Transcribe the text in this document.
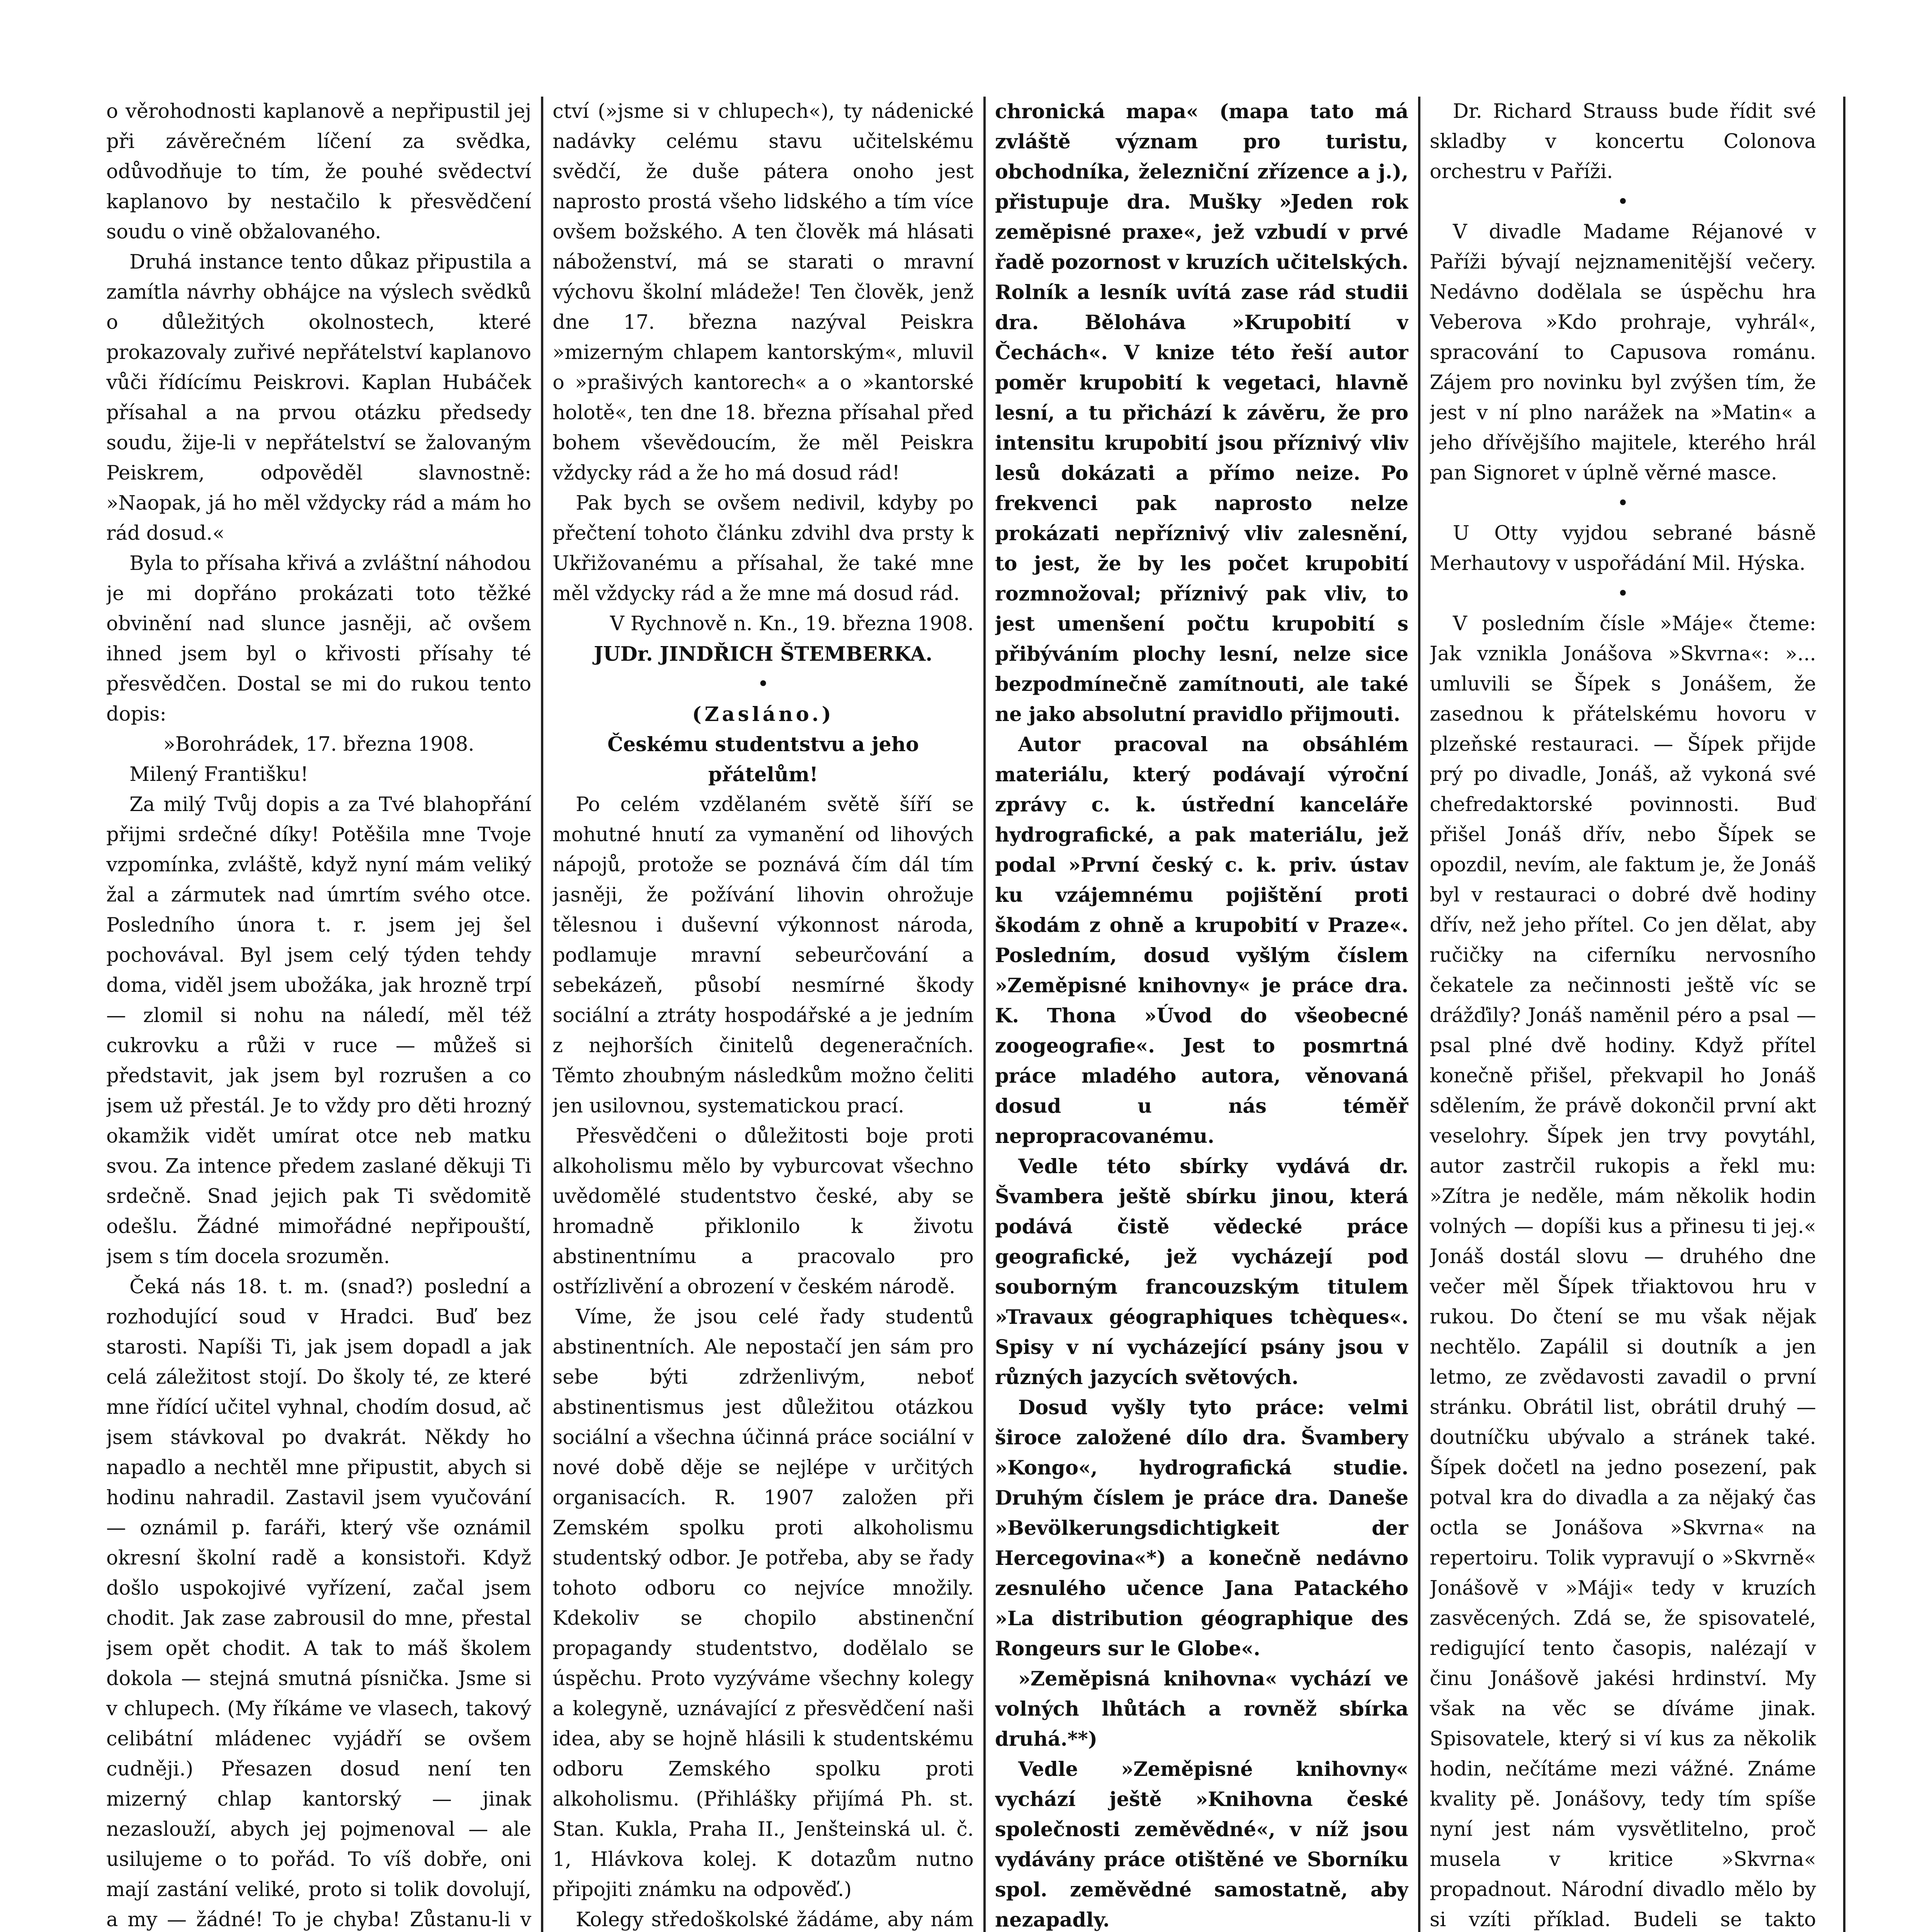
o věrohodnosti kaplanově a nepřipustil jej při závěrečném líčení za svědka, odůvodňuje to tím, že pouhé svědectví kaplanovo by nestačilo k přesvědčení soudu o vině obžalovaného.

Druhá instance tento důkaz připustila a zamítla návrhy obhájce na výslech svědků o důležitých okolnostech, které prokazovaly zuřivé nepřátelství kaplanovo vůči řídícímu Peiskrovi. Kaplan Hubáček přísahal a na prvou otázku předsedy soudu, žije-li v nepřátelství se žalovaným Peiskrem, odpověděl slavnostně: »Naopak, já ho měl vždycky rád a mám ho rád dosud.«

Byla to přísaha křivá a zvláštní náhodou je mi dopřáno prokázati toto těžké obvinění nad slunce jasněji, ač ovšem ihned jsem byl o křivosti přísahy té přesvědčen. Dostal se mi do rukou tento dopis:

»Borohrádek, 17. března 1908.

Milený Františku!

Za milý Tvůj dopis a za Tvé blahopřání přijmi srdečné díky! Potěšila mne Tvoje vzpomínka, zvláště, když nyní mám veliký žal a zármutek nad úmrtím svého otce. Posledního února t. r. jsem jej šel pochovával. Byl jsem celý týden tehdy doma, viděl jsem ubožáka, jak hrozně trpí — zlomil si nohu na náledí, měl též cukrovku a růži v ruce — můžeš si představit, jak jsem byl rozrušen a co jsem už přestál. Je to vždy pro děti hrozný okamžik vidět umírat otce neb matku svou. Za intence předem zaslané děkuji Ti srdečně. Snad jejich pak Ti svědomitě odešlu. Žádné mimořádné nepřipouští, jsem s tím docela srozuměn.

Čeká nás 18. t. m. (snad?) poslední a rozhodující soud v Hradci. Buď bez starosti. Napíši Ti, jak jsem dopadl a jak celá záležitost stojí. Do školy té, ze které mne řídící učitel vyhnal, chodím dosud, ač jsem stávkoval po dvakrát. Někdy ho napadlo a nechtěl mne připustit, abych si hodinu nahradil. Zastavil jsem vyučování — oznámil p. faráři, který vše oznámil okresní školní radě a konsistoři. Když došlo uspokojivé vyřízení, začal jsem chodit. Jak zase zabrousil do mne, přestal jsem opět chodit. A tak to máš školem dokola — stejná smutná písnička. Jsme si v chlupech. (My říkáme ve vlasech, takový celibátní mládenec vyjádří se ovšem cudněji.) Přesazen dosud není ten mizerný chlap kantorský — jinak nezaslouží, abych jej pojmenoval — ale usilujeme o to pořád. To víš dobře, oni mají zastání veliké, proto si tolik dovolují, a my — žádné! To je chyba! Zůstanu-li v

ctví (»jsme si v chlupech«), ty nádenické nadávky celému stavu učitelskému svědčí, že duše pátera onoho jest naprosto prostá všeho lidského a tím více ovšem božského. A ten člověk má hlásati náboženství, má se starati o mravní výchovu školní mládeže! Ten člověk, jenž dne 17. března nazýval Peiskra »mizerným chlapem kantorským«, mluvil o »prašivých kantorech« a o »kantorské holotě«, ten dne 18. března přísahal před bohem vševědoucím, že měl Peiskra vždycky rád a že ho má dosud rád!

Pak bych se ovšem nedivil, kdyby po přečtení tohoto článku zdvihl dva prsty k Ukřižovanému a přísahal, že také mne měl vždycky rád a že mne má dosud rád.

V Rychnově n. Kn., 19. března 1908.

JUDr. JINDŘICH ŠTEMBERKA.

•

(Zasláno.)

Českému studentstvu a jeho přátelům!

Po celém vzdělaném světě šíří se mohutné hnutí za vymanění od lihových nápojů, protože se poznává čím dál tím jasněji, že požívání lihovin ohrožuje tělesnou i duševní výkonnost národa, podlamuje mravní sebeurčování a sebekázeň, působí nesmírné škody sociální a ztráty hospodářské a je jedním z nejhorších činitelů degeneračních. Těmto zhoubným následkům možno čeliti jen usilovnou, systematickou prací.

Přesvědčeni o důležitosti boje proti alkoholismu mělo by vyburcovat všechno uvědomělé studentstvo české, aby se hromadně přiklonilo k životu abstinentnímu a pracovalo pro ostřízlivění a obrození v českém národě.

Víme, že jsou celé řady studentů abstinentních. Ale nepostačí jen sám pro sebe býti zdrženlivým, neboť abstinentismus jest důležitou otázkou sociální a všechna účinná práce sociální v nové době děje se nejlépe v určitých organisacích. R. 1907 založen při Zemském spolku proti alkoholismu studentský odbor. Je potřeba, aby se řady tohoto odboru co nejvíce množily. Kdekoliv se chopilo abstinenční propagandy studentstvo, dodělalo se úspěchu. Proto vyzýváme všechny kolegy a kolegyně, uznávající z přesvědčení naši idea, aby se hojně hlásili k studentskému odboru Zemského spolku proti alkoholismu. (Přihlášky přijímá Ph. st. Stan. Kukla, Praha II., Jenšteinská ul. č. 1, Hlávkova kolej. K dotazům nutno připojiti známku na odpověď.)

Kolegy středoškolské žádáme, aby nám

chronická mapa« (mapa tato má zvláště význam pro turistu, obchodníka, železniční zřízence a j.), přistupuje dra. Mušky »Jeden rok zeměpisné praxe«, jež vzbudí v prvé řadě pozornost v kruzích učitelských. Rolník a lesník uvítá zase rád studii dra. Běloháva »Krupobití v Čechách«. V knize této řeší autor poměr krupobití k vegetaci, hlavně lesní, a tu přichází k závěru, že pro intensitu krupobití jsou příznivý vliv lesů dokázati a přímo neize. Po frekvenci pak naprosto nelze prokázati nepříznivý vliv zalesnění, to jest, že by les počet krupobití rozmnožoval; příznivý pak vliv, to jest umenšení počtu krupobití s přibýváním plochy lesní, nelze sice bezpodmínečně zamítnouti, ale také ne jako absolutní pravidlo přijmouti.

Autor pracoval na obsáhlém materiálu, který podávají výroční zprávy c. k. ústřední kanceláře hydrografické, a pak materiálu, jež podal »První český c. k. priv. ústav ku vzájemnému pojištění proti škodám z ohně a krupobití v Praze«. Posledním, dosud vyšlým číslem »Zeměpisné knihovny« je práce dra. K. Thona »Úvod do všeobecné zoogeografie«. Jest to posmrtná práce mladého autora, věnovaná dosud u nás téměř nepropracovanému.

Vedle této sbírky vydává dr. Švambera ještě sbírku jinou, která podává čistě vědecké práce geografické, jež vycházejí pod souborným francouzským titulem »Travaux géographiques tchèques«. Spisy v ní vycházející psány jsou v různých jazycích světových.

Dosud vyšly tyto práce: velmi široce založené dílo dra. Švambery »Kongo«, hydrografická studie. Druhým číslem je práce dra. Daneše »Bevölkerungsdichtigkeit der Hercegovina«*) a konečně nedávno zesnulého učence Jana Patackého »La distribution géographique des Rongeurs sur le Globe«.

»Zeměpisná knihovna« vychází ve volných lhůtách a rovněž sbírka druhá.**)

Vedle »Zeměpisné knihovny« vychází ještě »Knihovna české společnosti zeměvědné«, v níž jsou vydávány práce otištěné ve Sborníku spol. zeměvědné samostatně, aby nezapadly.

Dr. Richard Strauss bude řídit své skladby v koncertu Colonova orchestru v Paříži.

•

V divadle Madame Réjanové v Paříži bývají nejznamenitější večery. Nedávno dodělala se úspěchu hra Veberova »Kdo prohraje, vyhrál«, spracování to Capusova románu. Zájem pro novinku byl zvýšen tím, že jest v ní plno narážek na »Matin« a jeho dřívějšího majitele, kterého hrál pan Signoret v úplně věrné masce.

•

U Otty vyjdou sebrané básně Merhautovy v uspořádání Mil. Hýska.

•

V posledním čísle »Máje« čteme: Jak vznikla Jonášova »Skvrna«: »... umluvili se Šípek s Jonášem, že zasednou k přátelskému hovoru v plzeňské restauraci. — Šípek přijde prý po divadle, Jonáš, až vykoná své chefredaktorské povinnosti. Buď přišel Jonáš dřív, nebo Šípek se opozdil, nevím, ale faktum je, že Jonáš byl v restauraci o dobré dvě hodiny dřív, než jeho přítel. Co jen dělat, aby ručičky na ciferníku nervosního čekatele za nečinnosti ještě víc se drážďily? Jonáš naměnil péro a psal — psal plné dvě hodiny. Když přítel konečně přišel, překvapil ho Jonáš sdělením, že právě dokončil první akt veselohry. Šípek jen trvy povytáhl, autor zastrčil rukopis a řekl mu: »Zítra je neděle, mám několik hodin volných — dopíši kus a přinesu ti jej.« Jonáš dostál slovu — druhého dne večer měl Šípek třiaktovou hru v rukou. Do čtení se mu však nějak nechtělo. Zapálil si doutník a jen letmo, ze zvědavosti zavadil o první stránku. Obrátil list, obrátil druhý — doutníčku ubývalo a stránek také. Šípek dočetl na jedno posezení, pak potval kra do divadla a za nějaký čas octla se Jonášova »Skvrna« na repertoiru. Tolik vypravují o »Skvrně« Jonášově v »Máji« tedy v kruzích zasvěcených. Zdá se, že spisovatelé, redigující tento časopis, nalézají v činu Jonášově jakési hrdinství. My však na věc se díváme jinak. Spisovatele, který si ví kus za několik hodin, nečítáme mezi vážné. Známe kvality pě. Jonášovy, tedy tím spíše nyní jest nám vysvětlitelno, proč musela v kritice »Skvrna« propadnout. Národní divadlo mělo by si vzíti příklad. Budeli se takto
